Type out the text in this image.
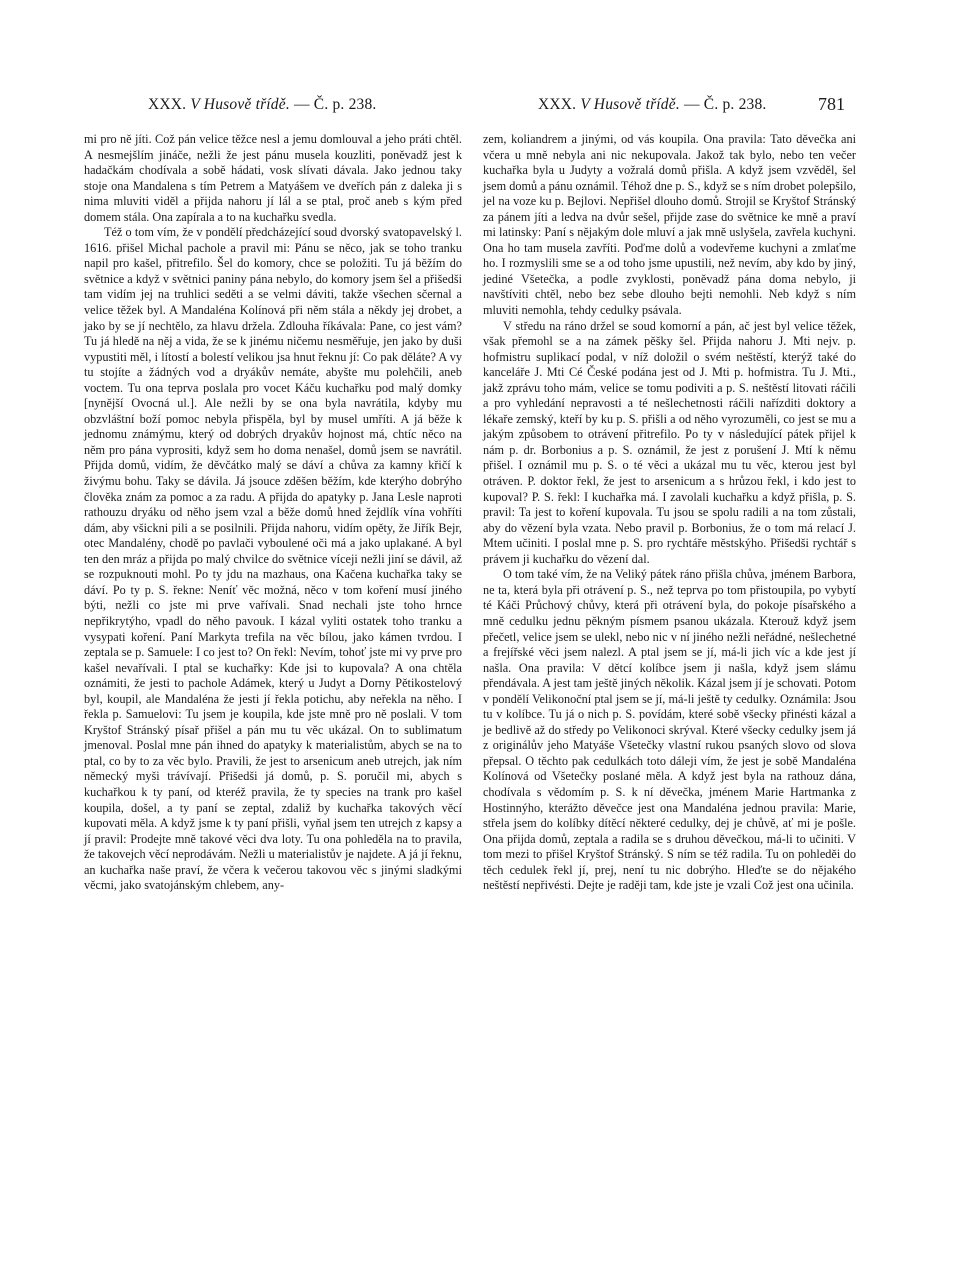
XXX. V Husově třídě. — Č. p. 238.	XXX. V Husově třídě. — Č. p. 238.	781

mi pro ně jíti. Což pán velice těžce nesl a jemu domlouval a jeho práti chtěl. A nesmejšlím jináče, nežli že jest pánu musela kouzliti, poněvadž jest k hadačkám chodívala a sobě hádati, vosk slívati dávala. Jako jednou taky stoje ona Mandalena s tím Petrem a Matyášem ve dveřích pán z daleka ji s nima mluviti viděl a přijda nahoru jí lál a se ptal, proč aneb s kým před domem stála. Ona zapírala a to na kuchařku svedla.

Též o tom vím, že v pondělí předcházející soud dvorský svatopavelský l. 1616. přišel Michal pachole a pravil mi: Pánu se něco, jak se toho tranku napil pro kašel, přitrefilo. Šel do komory, chce se položiti. Tu já běžím do světnice a když v světnici paniny pána nebylo, do komory jsem šel a přišedši tam vidím jej na truhlici seděti a se velmi dáviti, takže všechen sčernal a velice těžek byl. A Mandaléna Kolínová při něm stála a někdy jej drobet, a jako by se jí nechtělo, za hlavu držela. Zdlouha říkávala: Pane, co jest vám? Tu já hledě na něj a vida, že se k jinému ničemu nesměřuje, jen jako by duši vypustiti měl, i lítostí a bolestí velikou jsa hnut řeknu jí: Co pak děláte? A vy tu stojíte a žádných vod a dryákův nemáte, abyšte mu polehčili, aneb voctem. Tu ona teprva poslala pro vocet Káču kuchařku pod malý domky [nynější Ovocná ul.]. Ale nežli by se ona byla navrátila, kdyby mu obzvláštní boží pomoc nebyla přispěla, byl by musel umříti. A já běže k jednomu známýmu, který od dobrých dryakův hojnost má, chtíc něco na něm pro pána vyprositi, když sem ho doma nenašel, domů jsem se navrátil. Přijda domů, vidím, že děvčátko malý se dáví a chůva za kamny křičí k živýmu bohu. Taky se dávila. Já jsouce zděšen běžím, kde kterýho dobrýho člověka znám za pomoc a za radu. A přijda do apatyky p. Jana Lesle naproti rathouzu dryáku od něho jsem vzal a běže domů hned žejdlík vína vohříti dám, aby všickni pili a se posilnili. Přijda nahoru, vidím opěty, že Jiřík Bejr, otec Mandalény, chodě po pavlači vyboulené oči má a jako uplakané. A byl ten den mráz a přijda po malý chvilce do světnice víceji nežli jiní se dávil, až se rozpuknouti mohl. Po ty jdu na mazhaus, ona Kačena kuchařka taky se dáví. Po ty p. S. řekne: Neníť věc možná, něco v tom koření musí jiného býti, nežli co jste mi prve vařívali. Snad nechali jste toho hrnce nepřikrytýho, vpadl do něho pavouk. I kázal vyliti ostatek toho tranku a vysypati koření. Paní Markyta trefila na věc bílou, jako kámen tvrdou. I zeptala se p. Samuele: I co jest to? On řekl: Nevím, tohoť jste mi vy prve pro kašel nevařívali. I ptal se kuchařky: Kde jsi to kupovala? A ona chtěla oznámiti, že jesti to pachole Adámek, který u Judyt a Dorny Pětikostelový byl, koupil, ale Mandaléna že jesti jí řekla potichu, aby neřekla na něho. I řekla p. Samuelovi: Tu jsem je koupila, kde jste mně pro ně poslali. V tom Kryštof Stránský písař přišel a pán mu tu věc ukázal. On to sublimatum jmenoval. Poslal mne pán ihned do apatyky k materialistům, abych se na to ptal, co by to za věc bylo. Pravili, že jest to arsenicum aneb utrejch, jak ním německý myši trávívají. Přišedši já domů, p. S. poručil mi, abych s kuchařkou k ty paní, od kteréž pravila, že ty species na trank pro kašel koupila, došel, a ty paní se zeptal, zdaliž by kuchařka takových věcí kupovati měla. A když jsme k ty paní přišli, vyňal jsem ten utrejch z kapsy a jí pravil: Prodejte mně takové věci dva loty. Tu ona pohleděla na to pravila, že takovejch věcí neprodávám. Nežli u materialistův je najdete. A já jí řeknu, an kuchařka naše praví, že včera k večerou takovou věc s jinými sladkými věcmi, jako svatojánským chlebem, any-

zem, koliandrem a jinými, od vás koupila. Ona pravila: Tato děvečka ani včera u mně nebyla ani nic nekupovala. Jakož tak bylo, nebo ten večer kuchařka byla u Judyty a vožralá domů přišla. A když jsem vzvěděl, šel jsem domů a pánu oznámil. Téhož dne p. S., když se s ním drobet polepšilo, jel na voze ku p. Bejlovi. Nepřišel dlouho domů. Strojil se Kryštof Stránský za pánem jíti a ledva na dvůr sešel, přijde zase do světnice ke mně a praví mi latinsky: Paní s nějakým dole mluví a jak mně uslyšela, zavřela kuchyni. Ona ho tam musela zavříti. Poďme dolů a vodevřeme kuchyni a zmlaťme ho. I rozmyslili sme se a od toho jsme upustili, než nevím, aby kdo by jiný, jediné Všetečka, a podle zvyklosti, poněvadž pána doma nebylo, ji navštíviti chtěl, nebo bez sebe dlouho bejti nemohli. Neb když s ním mluviti nemohla, tehdy cedulky psávala.

V středu na ráno držel se soud komorní a pán, ač jest byl velice těžek, však přemohl se a na zámek pěšky šel. Přijda nahoru J. Mti nejv. p. hofmistru suplikací podal, v níž doložil o svém neštěstí, kterýž také do kanceláře J. Mti Cé České podána jest od J. Mti p. hofmistra. Tu J. Mti., jakž zprávu toho mám, velice se tomu podiviti a p. S. neštěstí litovati ráčili a pro vyhledání nepravosti a té nešlechetnosti ráčili nařízditi doktory a lékaře zemský, kteří by ku p. S. přišli a od něho vyrozuměli, co jest se mu a jakým způsobem to otrávení přitrefilo. Po ty v následující pátek přijel k nám p. dr. Borbonius a p. S. oznámil, že jest z porušení J. Mtí k němu přišel. I oznámil mu p. S. o té věci a ukázal mu tu věc, kterou jest byl otráven. P. doktor řekl, že jest to arsenicum a s hrůzou řekl, i kdo jest to kupoval? P. S. řekl: I kuchařka má. I zavolali kuchařku a když přišla, p. S. pravil: Ta jest to koření kupovala. Tu jsou se spolu radili a na tom zůstali, aby do vězení byla vzata. Nebo pravil p. Borbonius, že o tom má relací J. Mtem učiniti. I poslal mne p. S. pro rychtáře městskýho. Přišedši rychtář s právem ji kuchařku do vězení dal.

O tom také vím, že na Veliký pátek ráno přišla chůva, jménem Barbora, ne ta, která byla při otrávení p. S., než teprva po tom přistoupila, po vybytí té Káči Průchový chůvy, která při otrávení byla, do pokoje písařského a mně cedulku jednu pěkným písmem psanou ukázala. Kterouž když jsem přečetl, velice jsem se ulekl, nebo nic v ní jiného nežli neřádné, nešlechetné a frejířské věci jsem nalezl. A ptal jsem se jí, má-li jich víc a kde jest jí našla. Ona pravila: V dětcí kolíbce jsem ji našla, když jsem slámu přendávala. A jest tam ještě jiných několik. Kázal jsem jí je schovati. Potom v pondělí Velikonoční ptal jsem se jí, má-li ještě ty cedulky. Oznámila: Jsou tu v kolíbce. Tu já o nich p. S. povídám, které sobě všecky přinésti kázal a je bedlivě až do středy po Velikonoci skrýval. Které všecky cedulky jsem já z originálův jeho Matyáše Všetečky vlastní rukou psaných slovo od slova přepsal. O těchto pak cedulkách toto dáleji vím, že jest je sobě Mandaléna Kolínová od Všetečky poslané měla. A když jest byla na rathouz dána, chodívala s vědomím p. S. k ní děvečka, jménem Marie Hartmanka z Hostinnýho, kterážto děvečce jest ona Mandaléna jednou pravila: Marie, střela jsem do kolíbky dítěcí některé cedulky, dej je chůvě, ať mi je pošle. Ona přijda domů, zeptala a radila se s druhou děvečkou, má-li to učiniti. V tom mezi to přišel Kryštof Stránský. S ním se též radila. Tu on pohleděi do těch cedulek řekl jí, prej, není tu nic dobrýho. Hleďte se do nějakého neštěstí nepřivésti. Dejte je raději tam, kde jste je vzali Což jest ona učinila.
